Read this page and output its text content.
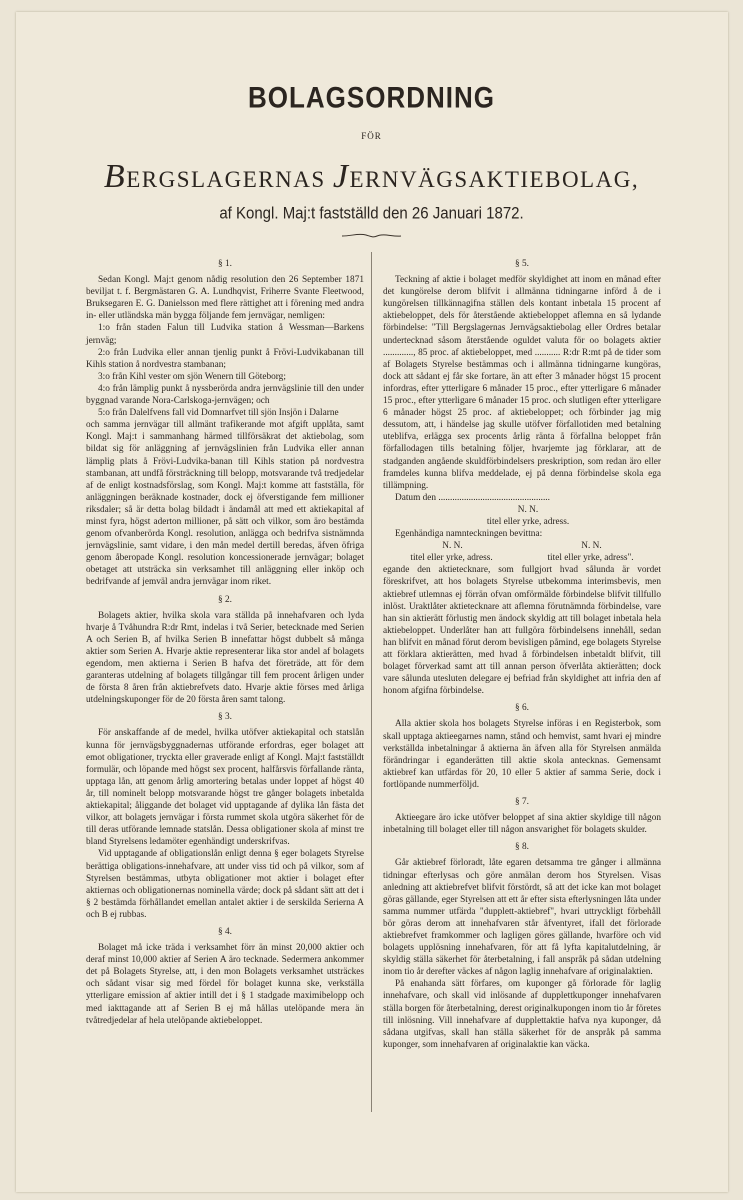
BOLAGSORDNING
FÖR
BERGSLAGERNAS JERNVÄGSAKTIEBOLAG,
af Kongl. Maj:t fastställd den 26 Januari 1872.
§ 1.

Sedan Kongl. Maj:t genom nådig resolution den 26 September 1871 beviljat t. f. Bergmästaren G. A. Lundhqvist, Friherre Svante Fleetwood, Bruksegaren E. G. Danielsson med flere rättighet att i förening med andra in- eller utländska män bygga följande fem jernvägar, nemligen:

1:o från staden Falun till Ludvika station å Wessman—Barkens jernväg;

2:o från Ludvika eller annan tjenlig punkt å Frövi-Ludvikabanan till Kihls station å nordvestra stambanan;

3:o från Kihl vester om sjön Wenern till Göteborg;

4:o från lämplig punkt å nyssberörda andra jernvägslinie till den under byggnad varande Nora-Carlskoga-jernvägen; och

5:o från Dalelfvens fall vid Domnarfvet till sjön Insjön i Dalarne

och samma jernvägar till allmänt trafikerande mot afgift upplåta, samt Kongl. Maj:t i sammanhang härmed tillförsäkrat det aktiebolag, som bildat sig för anläggning af jernvägslinien från Ludvika eller annan lämplig plats å Frövi-Ludvika-banan till Kihls station på nordvestra stambanan, att undfå försträckning till belopp, motsvarande två tredjedelar af de enligt kostnadsförslag, som Kongl. Maj:t komme att fastställa, för anläggningen beräknade kostnader, dock ej öfverstigande fem millioner riksdaler; så är detta bolag bildadt i ändamål att med ett aktiekapital af minst fyra, högst aderton millioner, på sätt och vilkor, som äro bestämda genom ofvanberörda Kongl. resolution, anlägga och bedrifva sistnämnda jernvägslinie, samt vidare, i den mån medel dertill beredas, äfven öfriga genom åberopade Kongl. resolution koncessionerade jernvägar; bolaget obetaget att utsträcka sin verksamhet till anläggning eller inköp och bedrifvande af jemväl andra jernvägar inom riket.

§ 2.

Bolagets aktier, hvilka skola vara ställda på innehafvaren och lyda hvarje å Tvåhundra R:dr Rmt, indelas i två Serier, betecknade med Serien A och Serien B, af hvilka Serien B innefattar högst dubbelt så många aktier som Serien A. Hvarje aktie representerar lika stor andel af bolagets egendom, men aktierna i Serien B hafva det företräde, att för dem garanteras utdelning af bolagets tillgångar till fem procent årligen under de första 8 åren från aktiebrefvets dato. Hvarje aktie förses med årliga utdelningskuponger för de 20 första åren samt talong.

§ 3.

För anskaffande af de medel, hvilka utöfver aktiekapital och statslån kunna för jernvägsbyggnadernas utförande erfordras, eger bolaget att emot obligationer, tryckta eller graverade enligt af Kongl. Maj:t fastställdt formulär, och löpande med högst sex procent, halfårsvis förfallande ränta, upptaga lån, att genom årlig amortering betalas under loppet af högst 40 år, till nominelt belopp motsvarande högst tre gånger bolagets inbetalda aktiekapital; åliggande det bolaget vid upptagande af dylika lån fästa det vilkor, att bolagets jernvägar i första rummet skola utgöra säkerhet för de till deras utförande lemnade statslån. Dessa obligationer skola af minst tre bland Styrelsens ledamöter egenhändigt underskrifvas.

Vid upptagande af obligationslån enligt denna § eger bolagets Styrelse berättiga obligations-innehafvare, att under viss tid och på vilkor, som af Styrelsen bestämmas, utbyta obligationer mot aktier i bolaget efter aktiernas och obligationernas nominella värde; dock på sådant sätt att det i § 2 bestämda förhållandet emellan antalet aktier i de serskilda Serierna A och B ej rubbas.

§ 4.

Bolaget må icke träda i verksamhet förr än minst 20,000 aktier och deraf minst 10,000 aktier af Serien A äro tecknade. Sedermera ankommer det på Bolagets Styrelse, att, i den mon Bolagets verksamhet utsträckes och sådant visar sig med fördel för bolaget kunna ske, verkställa ytterligare emission af aktier intill det i § 1 stadgade maximibelopp och med iakttagande att af Serien B ej må hållas utelöpande mera än tvåtredjedelar af hela utelöpande aktiebeloppet.

§ 5.

Teckning af aktie i bolaget medför skyldighet att inom en månad efter det kungörelse derom blifvit i allmänna tidningarne införd å de i kungörelsen tillkännagifna ställen dels kontant inbetala 15 procent af aktiebeloppet, dels för återstående aktiebeloppet aflemna en så lydande förbindelse: "Till Bergslagernas Jernvägsaktiebolag eller Ordres betalar undertecknad såsom återstående oguldet valuta för oo bolagets aktier ............., 85 proc. af aktiebeloppet, med ........... R:dr R:mt på de tider som af Bolagets Styrelse bestämmas och i allmänna tidningarne kungöras, dock att sådant ej får ske fortare, än att efter 3 månader högst 15 procent infordras, efter ytterligare 6 månader 15 proc., efter ytterligare 6 månader 15 proc., efter ytterligare 6 månader 15 proc. och slutligen efter ytterligare 6 månader högst 25 proc. af aktiebeloppet; och förbinder jag mig dessutom, att, i händelse jag skulle utöfver förfallotiden med betalning uteblifva, erlägga sex procents årlig ränta å förfallna beloppet från förfallodagen tills betalning följer, hvarjemte jag förklarar, att de stadganden angående skuldförbindelsers preskription, som redan äro eller framdeles kunna blifva meddelade, ej på denna förbindelse skola ega tillämpning.

Datum den ................................................

N. N.

titel eller yrke, adress.

Egenhändiga namnteckningen bevittna:

N. N.	N. N.
titel eller yrke, adress.	titel eller yrke, adress".

egande den aktietecknare, som fullgjort hvad sålunda är vordet föreskrifvet, att hos bolagets Styrelse utbekomma interimsbevis, men aktiebref utlemnas ej förrän ofvan omförmälde förbindelse blifvit tillfullo inlöst. Uraktlåter aktietecknare att aflemna förutnämnda förbindelse, vare han sin aktierätt förlustig men ändock skyldig att till bolaget inbetala hela aktiebeloppet. Underlåter han att fullgöra förbindelsens innehåll, sedan han blifvit en månad förut derom bevisligen påmind, ege bolagets Styrelse att förklara aktierätten, med hvad å förbindelsen inbetaldt blifvit, till bolaget förverkad samt att till annan person öfverlåta aktierätten; dock vare sålunda utesluten delegare ej befriad från skyldighet att infria den af honom afgifna förbindelse.

§ 6.

Alla aktier skola hos bolagets Styrelse införas i en Registerbok, som skall upptaga aktieegarnes namn, stånd och hemvist, samt hvari ej mindre verkställda inbetalningar å aktierna än äfven alla för Styrelsen anmälda förändringar i eganderätten till aktie skola antecknas. Gemensamt aktiebref kan utfärdas för 20, 10 eller 5 aktier af samma Serie, dock i fortlöpande nummerföljd.

§ 7.

Aktieegare äro icke utöfver beloppet af sina aktier skyldige till någon inbetalning till bolaget eller till någon ansvarighet för bolagets skulder.

§ 8.

Går aktiebref förloradt, låte egaren detsamma tre gånger i allmänna tidningar efterlysas och göre anmälan derom hos Styrelsen. Visas anledning att aktiebrefvet blifvit förstördt, så att det icke kan mot bolaget göras gällande, eger Styrelsen att ett år efter sista efterlysningen låta under samma nummer utfärda "dupplett-aktiebref", hvari uttryckligt förbehåll bör göras derom att innehafvaren står äfventyret, ifall det förlorade aktiebrefvet framkommer och lagligen göres gällande, hvarföre och vid bolagets upplösning innehafvaren, för att få lyfta kapitalutdelning, är skyldig ställa säkerhet för återbetalning, i fall anspråk på sådan utdelning inom tio år derefter väckes af någon laglig innehafvare af originalaktien.

På enahanda sätt förfares, om kuponger gå förlorade för laglig innehafvare, och skall vid inlösande af dupplettkuponger innehafvaren ställa borgen för återbetalning, derest originalkupongen inom tio år företes till inlösning. Vill innehafvare af dupplettaktie hafva nya kuponger, då sådana utgifvas, skall han ställa säkerhet för de anspråk på samma kuponger, som innehafvaren af originalaktie kan väcka.
